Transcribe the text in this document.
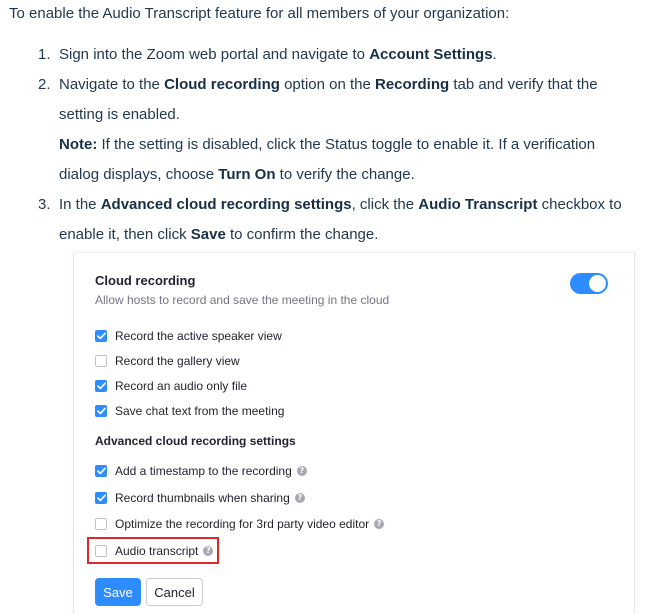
To enable the Audio Transcript feature for all members of your organization:

1. Sign into the Zoom web portal and navigate to Account Settings.
2. Navigate to the Cloud recording option on the Recording tab and verify that the
setting is enabled.
Note: If the setting is disabled, click the Status toggle to enable it. If a verification
dialog displays, choose Turn On to verify the change.
3. In the Advanced cloud recording settings, click the Audio Transcript checkbox to
enable it, then click Save to confirm the change.
Cloud recording
Allow hosts to record and save the meeting in the cloud
Record the active speaker view
Record the gallery view
Record an audio only file
Save chat text from the meeting
Advanced cloud recording settings
Add a timestamp to the recording ?
Record thumbnails when sharing ?
Optimize the recording for 3rd party video editor ?
Audio transcript ?
Save	Cancel
